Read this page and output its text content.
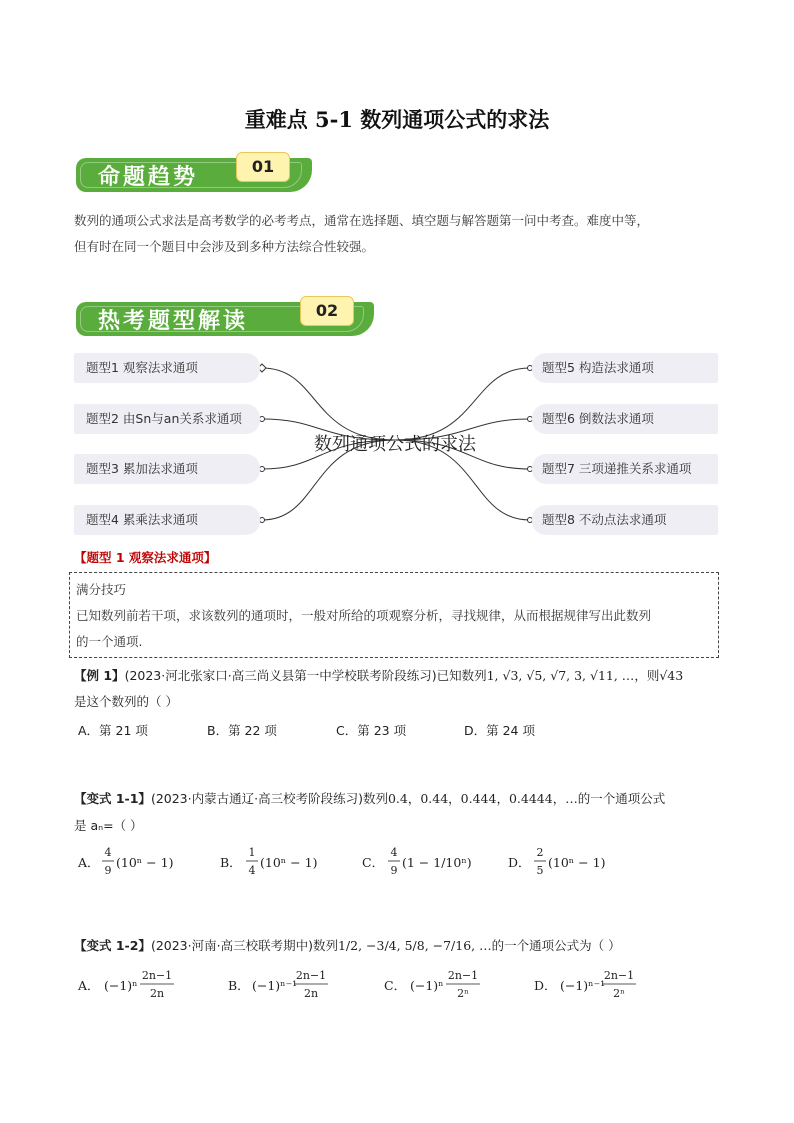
重难点 5-1 数列通项公式的求法
命题趋势	01
数列的通项公式求法是高考数学的必考考点，通常在选择题、填空题与解答题第一问中考查。难度中等，
但有时在同一个题目中会涉及到多种方法综合性较强。
热考题型解读	02
题型1 观察法求通项
题型2 由Sn与an关系求通项
题型3 累加法求通项
题型4 累乘法求通项
题型5 构造法求通项
题型6 倒数法求通项
题型7 三项递推关系求通项
题型8 不动点法求通项
数列通项公式的求法
【题型 1 观察法求通项】
满分技巧
已知数列前若干项，求该数列的通项时，一般对所给的项观察分析，寻找规律，从而根据规律写出此数列
的一个通项.
【例 1】(2023·河北张家口·高三尚义县第一中学校联考阶段练习)已知数列1, √3, √5, √7, 3, √11, …，则√43
是这个数列的（ ）
A．第 21 项	B．第 22 项	C．第 23 项	D．第 24 项
【变式 1-1】(2023·内蒙古通辽·高三校考阶段练习)数列0.4，0.44，0.444，0.4444，…的一个通项公式
是 aₙ=（ ）
A．
4
9
(10ⁿ − 1)	B．
1
4
(10ⁿ − 1)	C．
4
9
(1 − 1/10ⁿ)	D．
2
5
(10ⁿ − 1)
【变式 1-2】(2023·河南·高三校联考期中)数列1/2, −3/4, 5/8, −7/16, …的一个通项公式为（ ）
A． (−1)ⁿ
2n−1
2n
B． (−1)ⁿ⁻¹
2n−1
2n
C． (−1)ⁿ
2n−1
2ⁿ
D． (−1)ⁿ⁻¹
2n−1
2ⁿ
